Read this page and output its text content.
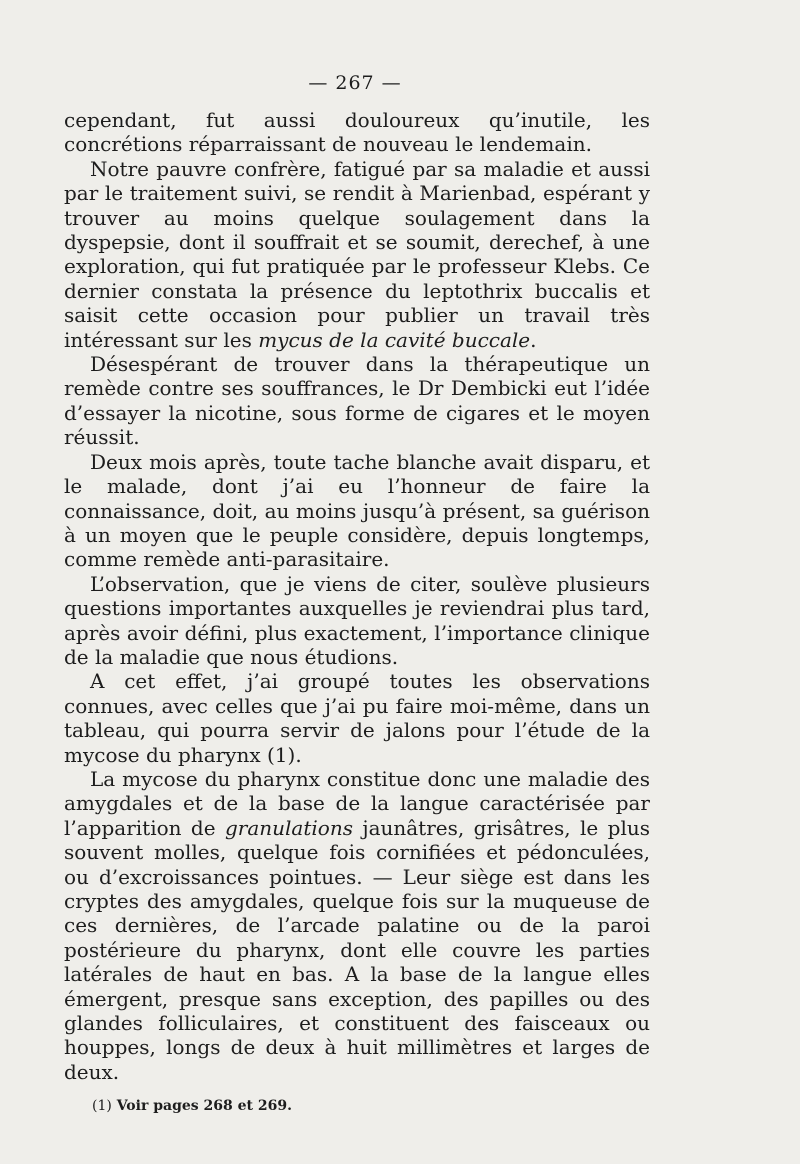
— 267 —

cependant, fut aussi douloureux qu’inutile, les concrétions réparraissant de nouveau le lendemain.

Notre pauvre confrère, fatigué par sa maladie et aussi par le traitement suivi, se rendit à Marienbad, espérant y trouver au moins quelque soulagement dans la dyspepsie, dont il souffrait et se soumit, derechef, à une exploration, qui fut pratiquée par le professeur Klebs. Ce dernier constata la présence du leptothrix buccalis et saisit cette occasion pour publier un travail très intéressant sur les mycus de la cavité buccale.

Désespérant de trouver dans la thérapeutique un remède contre ses souffrances, le Dr Dembicki eut l’idée d’essayer la nicotine, sous forme de cigares et le moyen réussit.

Deux mois après, toute tache blanche avait disparu, et le malade, dont j’ai eu l’honneur de faire la connaissance, doit, au moins jusqu’à présent, sa guérison à un moyen que le peuple considère, depuis longtemps, comme remède anti-parasitaire.

L’observation, que je viens de citer, soulève plusieurs questions importantes auxquelles je reviendrai plus tard, après avoir défini, plus exactement, l’importance clinique de la maladie que nous étudions.

A cet effet, j’ai groupé toutes les observations connues, avec celles que j’ai pu faire moi-même, dans un tableau, qui pourra servir de jalons pour l’étude de la mycose du pharynx (1).

La mycose du pharynx constitue donc une maladie des amygdales et de la base de la langue caractérisée par l’apparition de granulations jaunâtres, grisâtres, le plus souvent molles, quelque fois cornifiées et pédonculées, ou d’excroissances pointues. — Leur siège est dans les cryptes des amygdales, quelque fois sur la muqueuse de ces dernières, de l’arcade palatine ou de la paroi postérieure du pharynx, dont elle couvre les parties latérales de haut en bas. A la base de la langue elles émergent, presque sans exception, des papilles ou des glandes folliculaires, et constituent des faisceaux ou houppes, longs de deux à huit millimètres et larges de deux.

(1) Voir pages 268 et 269.
